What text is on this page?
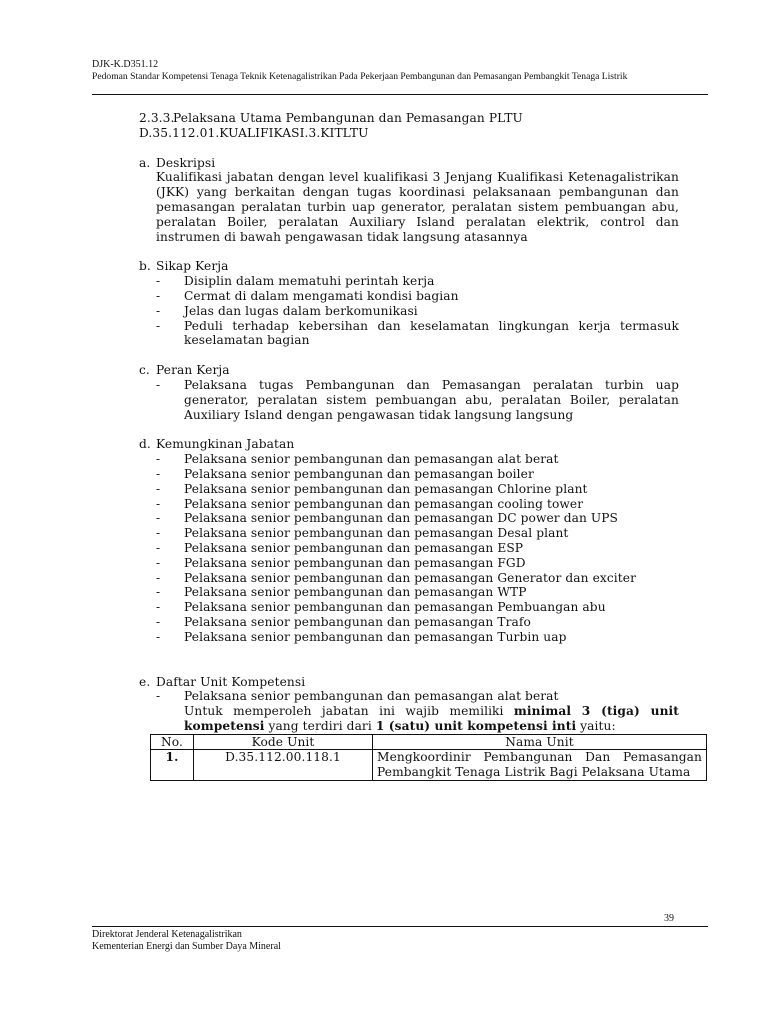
DJK-K.D351.12
Pedoman Standar Kompetensi Tenaga Teknik Ketenagalistrikan Pada Pekerjaan Pembangunan dan Pemasangan Pembangkit Tenaga Listrik
2.3.3.Pelaksana Utama Pembangunan dan Pemasangan PLTU
D.35.112.01.KUALIFIKASI.3.KITLTU
a. Deskripsi
Kualifikasi jabatan dengan level kualifikasi 3 Jenjang Kualifikasi Ketenagalistrikan (JKK) yang berkaitan dengan tugas koordinasi pelaksanaan pembangunan dan pemasangan peralatan turbin uap generator, peralatan sistem pembuangan abu, peralatan Boiler, peralatan Auxiliary Island peralatan elektrik, control dan instrumen di bawah pengawasan tidak langsung atasannya
b. Sikap Kerja
- Disiplin dalam mematuhi perintah kerja
- Cermat di dalam mengamati kondisi bagian
- Jelas dan lugas dalam berkomunikasi
- Peduli terhadap kebersihan dan keselamatan lingkungan kerja termasuk keselamatan bagian
c. Peran Kerja
- Pelaksana tugas Pembangunan dan Pemasangan peralatan turbin uap generator, peralatan sistem pembuangan abu, peralatan Boiler, peralatan Auxiliary Island dengan pengawasan tidak langsung langsung
d. Kemungkinan Jabatan
- Pelaksana senior pembangunan dan pemasangan alat berat
- Pelaksana senior pembangunan dan pemasangan boiler
- Pelaksana senior pembangunan dan pemasangan Chlorine plant
- Pelaksana senior pembangunan dan pemasangan cooling tower
- Pelaksana senior pembangunan dan pemasangan DC power dan UPS
- Pelaksana senior pembangunan dan pemasangan Desal plant
- Pelaksana senior pembangunan dan pemasangan ESP
- Pelaksana senior pembangunan dan pemasangan FGD
- Pelaksana senior pembangunan dan pemasangan Generator dan exciter
- Pelaksana senior pembangunan dan pemasangan WTP
- Pelaksana senior pembangunan dan pemasangan Pembuangan abu
- Pelaksana senior pembangunan dan pemasangan Trafo
- Pelaksana senior pembangunan dan pemasangan Turbin uap
e. Daftar Unit Kompetensi
- Pelaksana senior pembangunan dan pemasangan alat berat
Untuk memperoleh jabatan ini wajib memiliki minimal 3 (tiga) unit kompetensi yang terdiri dari 1 (satu) unit kompetensi inti yaitu:
No.	Kode Unit	Nama Unit
1.	D.35.112.00.118.1	Mengkoordinir Pembangunan Dan Pemasangan Pembangkit Tenaga Listrik Bagi Pelaksana Utama
39
Direktorat Jenderal Ketenagalistrikan
Kementerian Energi dan Sumber Daya Mineral
